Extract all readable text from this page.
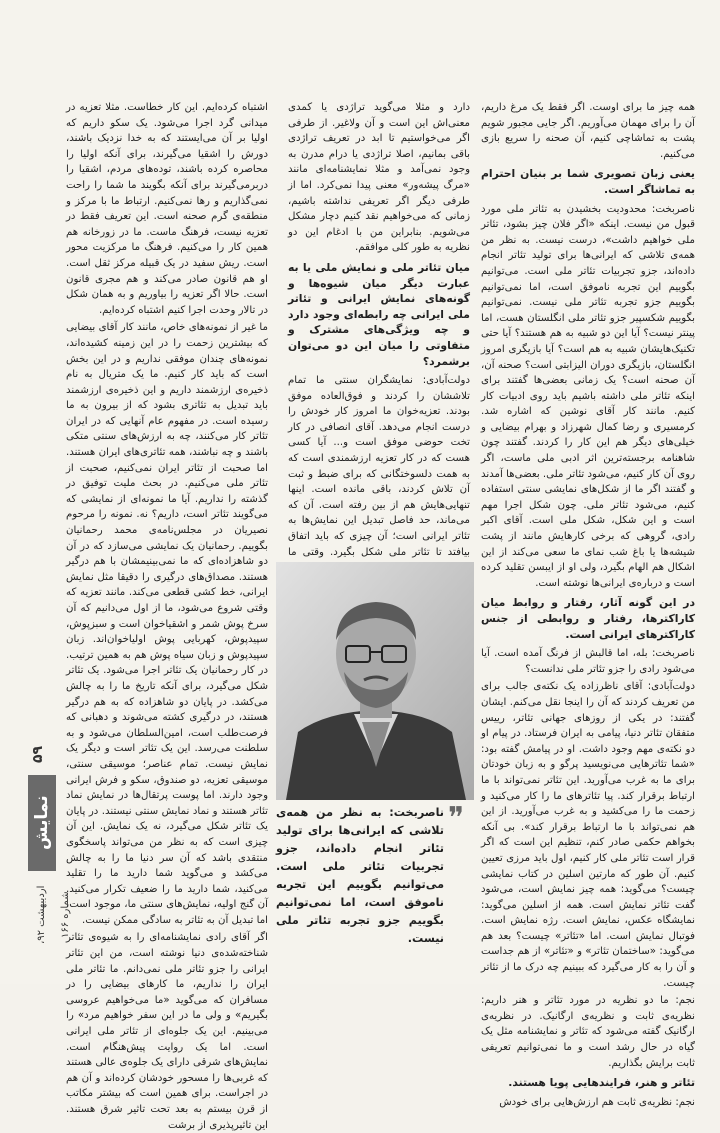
همه چیز ما برای اوست. اگر فقط یک مرغ داریم، آن را برای مهمان می‌آوریم. اگر جایی مجبور شویم پشت به تماشاچی کنیم، آن صحنه را سریع بازی می‌کنیم.

یعنی زبان تصویری شما بر بنیان احترام به تماشاگر است.

ناصربخت: محدودیت بخشیدن به تئاتر ملی مورد قبول من نیست. اینکه «اگر فلان چیز بشود، تئاتر ملی خواهیم داشت»، درست نیست. به نظر من همه‌ی تلاشی که ایرانی‌ها برای تولید تئاتر انجام داده‌اند، جزو تجربیات تئاتر ملی است. می‌توانیم بگوییم این تجربه ناموفق است، اما نمی‌توانیم بگوییم جزو تجربه تئاتر ملی نیست. نمی‌توانیم بگوییم شکسپیر جزو تئاتر ملی انگلستان هست، اما پینتر نیست؟ آیا این دو شبیه به هم هستند؟ آیا حتی تکنیک‌هایشان شبیه به هم است؟ آیا بازیگری امروز انگلستان، بازیگری دوران الیزابتی است؟ صحنه آن، آن صحنه است؟ یک زمانی بعضی‌ها گفتند برای اینکه تئاتر ملی داشته باشیم باید روی ادبیات کار کنیم. مانند کار آقای نوشین که اشاره شد. کرمسیری و رضا کمال شهرزاد و بهرام بیضایی و خیلی‌های دیگر هم این کار را کردند. گفتند چون شاهنامه برجسته‌ترین اثر ادبی ملی ماست، اگر روی آن کار کنیم، می‌شود تئاتر ملی. بعضی‌ها آمدند و گفتند اگر ما از شکل‌های نمایشی سنتی استفاده کنیم، می‌شود تئاتر ملی. چون شکل اجرا مهم است و این شکل، شکل ملی است. آقای اکبر رادی، گروهی که برخی کارهایش مانند از پشت شیشه‌ها یا باغ شب نمای ما سعی می‌کند از این اشکال هم الهام بگیرد، ولی او از ایبسن تقلید کرده است و درباره‌ی ایرانی‌ها نوشته است.

در این گونه آثار، رفتار و روابط میان کاراکترها، رفتار و روابطی از جنس کاراکترهای ایرانی است.

ناصربخت: بله، اما قالبش از فرنگ آمده است. آیا می‌شود رادی را جزو تئاتر ملی ندانست؟

دولت‌آبادی: آقای ناظرزاده یک نکته‌ی جالب برای من تعریف کردند که آن را اینجا نقل می‌کنم. ایشان گفتند: در یکی از روزهای جهانی تئاتر، رییس متفقان تئاتر دنیا، پیامی به ایران فرستاد. در پیام او دو نکته‌ی مهم وجود داشت. او در پیامش گفته بود: «شما تئاترهایی می‌نویسید پرگو و به زبان خودتان برای ما به غرب می‌آورید. این تئاتر نمی‌تواند با ما ارتباط برقرار کند. پیا تئاترهای ما را کار می‌کنید و زحمت ما را می‌کشید و به غرب می‌آورید. از این هم نمی‌تواند با ما ارتباط برقرار کند». بی آنکه بخواهم حکمی صادر کنم، تنظیم این است که اگر قرار است تئاتر ملی کار کنیم، اول باید مرزی تعیین کنیم. آن طور که مارتین اسلین در کتاب نمایشی چیست؟ می‌گوید: همه چیز نمایش است، می‌شود گفت تئاتر نمایش است. همه از اسلین می‌گوید: نمایشگاه عکس، نمایش است. رژه نمایش است. فوتبال نمایش است. اما «تئاتر» چیست؟ بعد هم می‌گوید: «ساختمان تئاتر» و «تئاتر» از هم جداست و آن را به کار می‌گیرد که ببینیم چه درک ما از تئاتر چیست.

نجم: ما دو نظریه در مورد تئاتر و هنر داریم: نظریه‌ی ثابت و نظریه‌ی ارگانیک. در نظریه‌ی ارگانیک گفته می‌شود که تئاتر و نمایشنامه مثل یک گیاه در حال رشد است و ما نمی‌توانیم تعریفی ثابت برایش بگذاریم.

تئاتر و هنر، فرایندهایی پویا هستند.

نجم: نظریه‌ی ثابت هم ارزش‌هایی برای خودش

دارد و مثلا می‌گوید تراژدی یا کمدی معنی‌اش این است و آن ولاغیر. از طرفی اگر می‌خواستیم تا ابد در تعریف تراژدی باقی بمانیم، اصلا تراژدی یا درام مدرن به وجود نمی‌آمد و مثلا نمایشنامه‌ای مانند «مرگ پیشه‌ور» معنی پیدا نمی‌کرد. اما از طرفی دیگر اگر تعریفی نداشته باشیم، زمانی که می‌خواهیم نقد کنیم دچار مشکل می‌شویم. بنابراین من با ادغام این دو نظریه به طور کلی موافقم.

میان تئاتر ملی و نمایش ملی یا به عبارت دیگر میان شیوه‌ها و گونه‌های نمایش ایرانی و تئاتر ملی ایرانی چه رابطه‌ای وجود دارد و چه ویژگی‌های مشترک و متفاوتی را میان این دو می‌توان برشمرد؟

دولت‌آبادی: نمایشگران سنتی ما تمام تلاششان را کردند و فوق‌العاده موفق بودند. تعزیه‌خوان ما امروز کار خودش را درست انجام می‌دهد. آقای انصافی در کار تخت حوضی موفق است و... آیا کسی هست که در کار تعزیه ارزشمندی است که به همت دلسوختگانی که برای ضبط و ثبت آن تلاش کردند، باقی مانده است. اینها تنهایی‌هایش هم از بین رفته است. آن که می‌ماند، حد فاصل تبدیل این نمایش‌ها به تئاتر ایرانی است؛ آن چیزی که باید اتفاق بیافتد تا تئاتر ملی شکل بگیرد. وقتی ما

❞
ناصربخت: به نظر من همه‌ی تلاشی که ایرانی‌ها برای تولید تئاتر انجام داده‌اند، جزو تجربیات تئاتر ملی است. می‌توانیم بگوییم این تجربه ناموفق است، اما نمی‌توانیم بگوییم جزو تجربه تئاتر ملی نیست.

اشتباه کرده‌ایم. این کار خطاست. مثلا تعزیه در میدانی گرد اجرا می‌شود. یک سکو داریم که اولیا بر آن می‌ایستند که به خدا نزدیک باشند، دورش را اشقیا می‌گیرند، برای آنکه اولیا را محاصره کرده باشند، توده‌های مردم، اشقیا را دربرمی‌گیرند برای آنکه بگویند ما شما را راحت نمی‌گذاریم و رها نمی‌کنیم. ارتباط ما با مرکز و منطقه‌ی گرم صحنه است. این تعریف فقط در تعزیه نیست، فرهنگ ماست. ما در زورخانه هم همین کار را می‌کنیم. فرهنگ ما مرکزیت محور است. ریش سفید در یک قبیله مرکز ثقل است. او هم قانون صادر می‌کند و هم مجری قانون است. حالا اگر تعزیه را بیاوریم و به همان شکل در تالار وحدت اجرا کنیم اشتباه کرده‌ایم.

ما غیر از نمونه‌های خاص، مانند کار آقای بیضایی که بیشترین زحمت را در این زمینه کشیده‌اند، نمونه‌های چندان موفقی نداریم و در این بخش است که باید کار کنیم. ما یک متریال به نام ذخیره‌ی ارزشمند داریم و این ذخیره‌ی ارزشمند باید تبدیل به تئاتری بشود که از بیرون به ما رسیده است. در مفهوم عام آنهایی که در ایران تئاتر کار می‌کنند، چه به ارزش‌های سنتی متکی باشند و چه نباشند، همه تئاتری‌های ایران هستند. اما صحبت از تئاتر ایران نمی‌کنیم، صحبت از تئاتر ملی می‌کنیم. در بحث ملیت توفیق در گذشته را نداریم. آیا ما نمونه‌ای از نمایشی که می‌گویند تئاتر است، داریم؟ نه. نمونه را مرحوم نصیریان در مجلس‌نامه‌ی محمد رحمانیان بگوییم. رحمانیان یک نمایشی می‌سازد که در آن دو شاهزاده‌ای که ما نمی‌بینیمشان با هم درگیر هستند. مصداق‌های درگیری را دقیقا مثل نمایش ایرانی، خط کشی قطعی می‌کند. مانند تعزیه که وقتی شروع می‌شود، ما از اول می‌دانیم که آن سرخ پوش شمر و اشقیاخوان است و سبزپوش، سپیدپوش، کهربایی پوش اولیاخوان‌اند. زبان سپیدپوش و زبان سیاه پوش هم به همین ترتیب. در کار رحمانیان یک تئاتر اجرا می‌شود. یک تئاتر شکل می‌گیرد، برای آنکه تاریخ ما را به چالش می‌کشد. در پایان دو شاهزاده که به هم درگیر هستند، در درگیری کشته می‌شوند و دهبانی که فرصت‌طلب است، امین‌السلطان می‌شود و به سلطنت می‌رسد. این یک تئاتر است و دیگر یک نمایش نیست. تمام عناصر؛ موسیقی سنتی، موسیقی تعزیه، دو صندوق، سکو و فرش ایرانی وجود دارند. اما پوست پرتقال‌ها در نمایش نماد تئاتر هستند و نماد نمایش سنتی نیستند. در پایان یک تئاتر شکل می‌گیرد، نه یک نمایش. این آن چیزی است که به نظر من می‌تواند پاسخگوی منتقدی باشد که آن سر دنیا ما را به چالش می‌کشد و می‌گوید شما دارید ما را تقلید می‌کنید، شما دارید ما را ضعیف تکرار می‌کنید. آن گنج اولیه، نمایش‌های سنتی ما، موجود است، اما تبدیل آن به تئاتر به سادگی ممکن نیست.

اگر آقای رادی نمایشنامه‌ای را به شیوه‌ی تئاتر شناخته‌شده‌ی دنیا نوشته است، من این تئاتر ایرانی را جزو تئاتر ملی نمی‌دانم. ما تئاتر ملی ایران را نداریم، ما کارهای بیضایی را در مسافران که می‌گوید «ما می‌خواهیم عروسی بگیریم» و ولی ما در این سفر خواهیم مرد» را می‌بینیم. این یک جلوه‌ای از تئاتر ملی ایرانی است. اما یک روایت پیش‌هنگام است. نمایش‌های شرقی دارای یک جلوه‌ی عالی هستند که غربی‌ها را مسحور خودشان کرده‌اند و آن هم در اجراست. برای همین است که بیشتر مکاتب از قرن بیستم به بعد تحت تاثیر شرق هستند. این تاثیرپذیری از برشت

۵۹
نمایش
اردیبهشت ۹۲، شماره ۱۶۶
